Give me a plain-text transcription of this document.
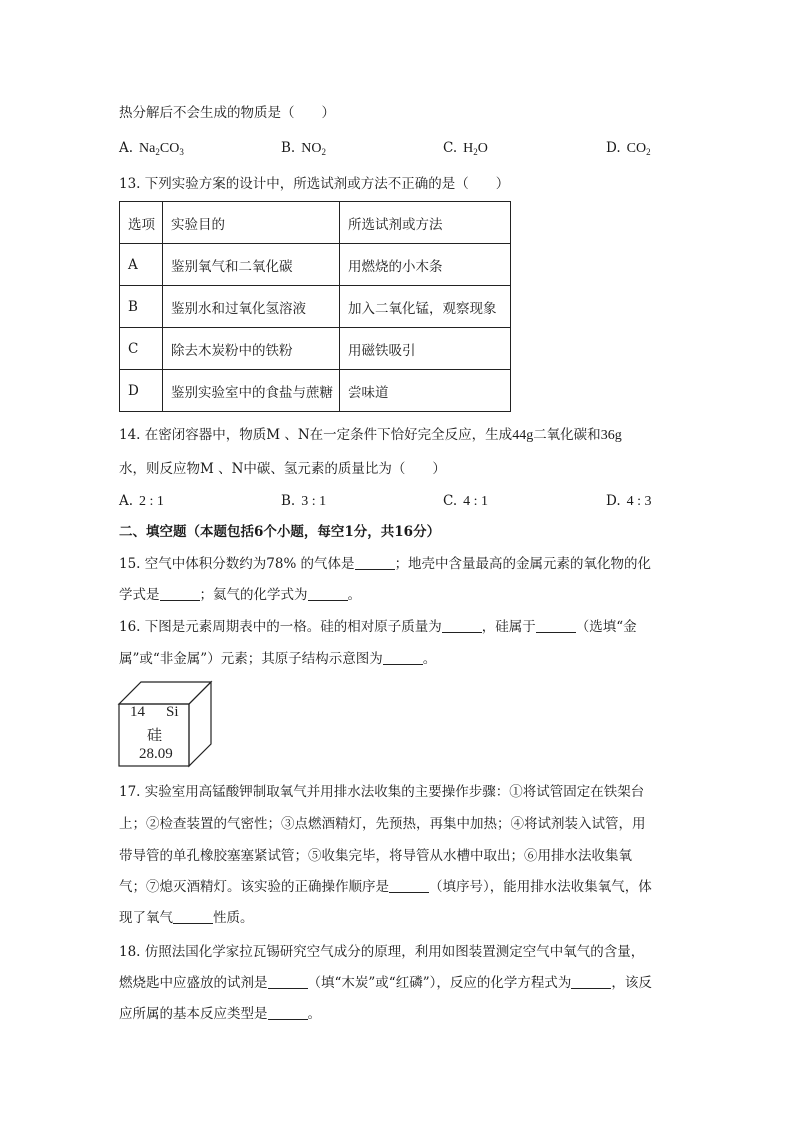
热分解后不会生成的物质是（　　）
A. $Na_2CO_3$	B. $NO_2$	C. $H_2O$	D. $CO_2$
13. 下列实验方案的设计中，所选试剂或方法不正确的是（　　）
选项	实验目的	所选试剂或方法
A	鉴别氧气和二氧化碳	用燃烧的小木条
B	鉴别水和过氧化氢溶液	加入二氧化锰，观察现象
C	除去木炭粉中的铁粉	用磁铁吸引
D	鉴别实验室中的食盐与蔗糖	尝味道
14. 在密闭容器中，物质M 、N在一定条件下恰好完全反应，生成44g二氧化碳和36g
水，则反应物M 、N中碳、氢元素的质量比为（　　）
A. 2 : 1	B. 3 : 1	C. 4 : 1	D. 4 : 3
二、填空题（本题包括6个小题，每空1分，共16分）
15. 空气中体积分数约为78% 的气体是	；地壳中含量最高的金属元素的氧化物的化
学式是	；氦气的化学式为	。
16. 下图是元素周期表中的一格。硅的相对原子质量为	，硅属于	（选填“金
属”或“非金属”）元素；其原子结构示意图为	。
14 Si
硅
28.09
17. 实验室用高锰酸钾制取氧气并用排水法收集的主要操作步骤：①将试管固定在铁架台
上；②检查装置的气密性；③点燃酒精灯，先预热，再集中加热；④将试剂装入试管，用
带导管的单孔橡胶塞塞紧试管；⑤收集完毕，将导管从水槽中取出；⑥用排水法收集氧
气；⑦熄灭酒精灯。该实验的正确操作顺序是	（填序号），能用排水法收集氧气，体
现了氧气	性质。
18. 仿照法国化学家拉瓦锡研究空气成分的原理，利用如图装置测定空气中氧气的含量，
燃烧匙中应盛放的试剂是	（填“木炭”或“红磷”），反应的化学方程式为	，该反
应所属的基本反应类型是	。
